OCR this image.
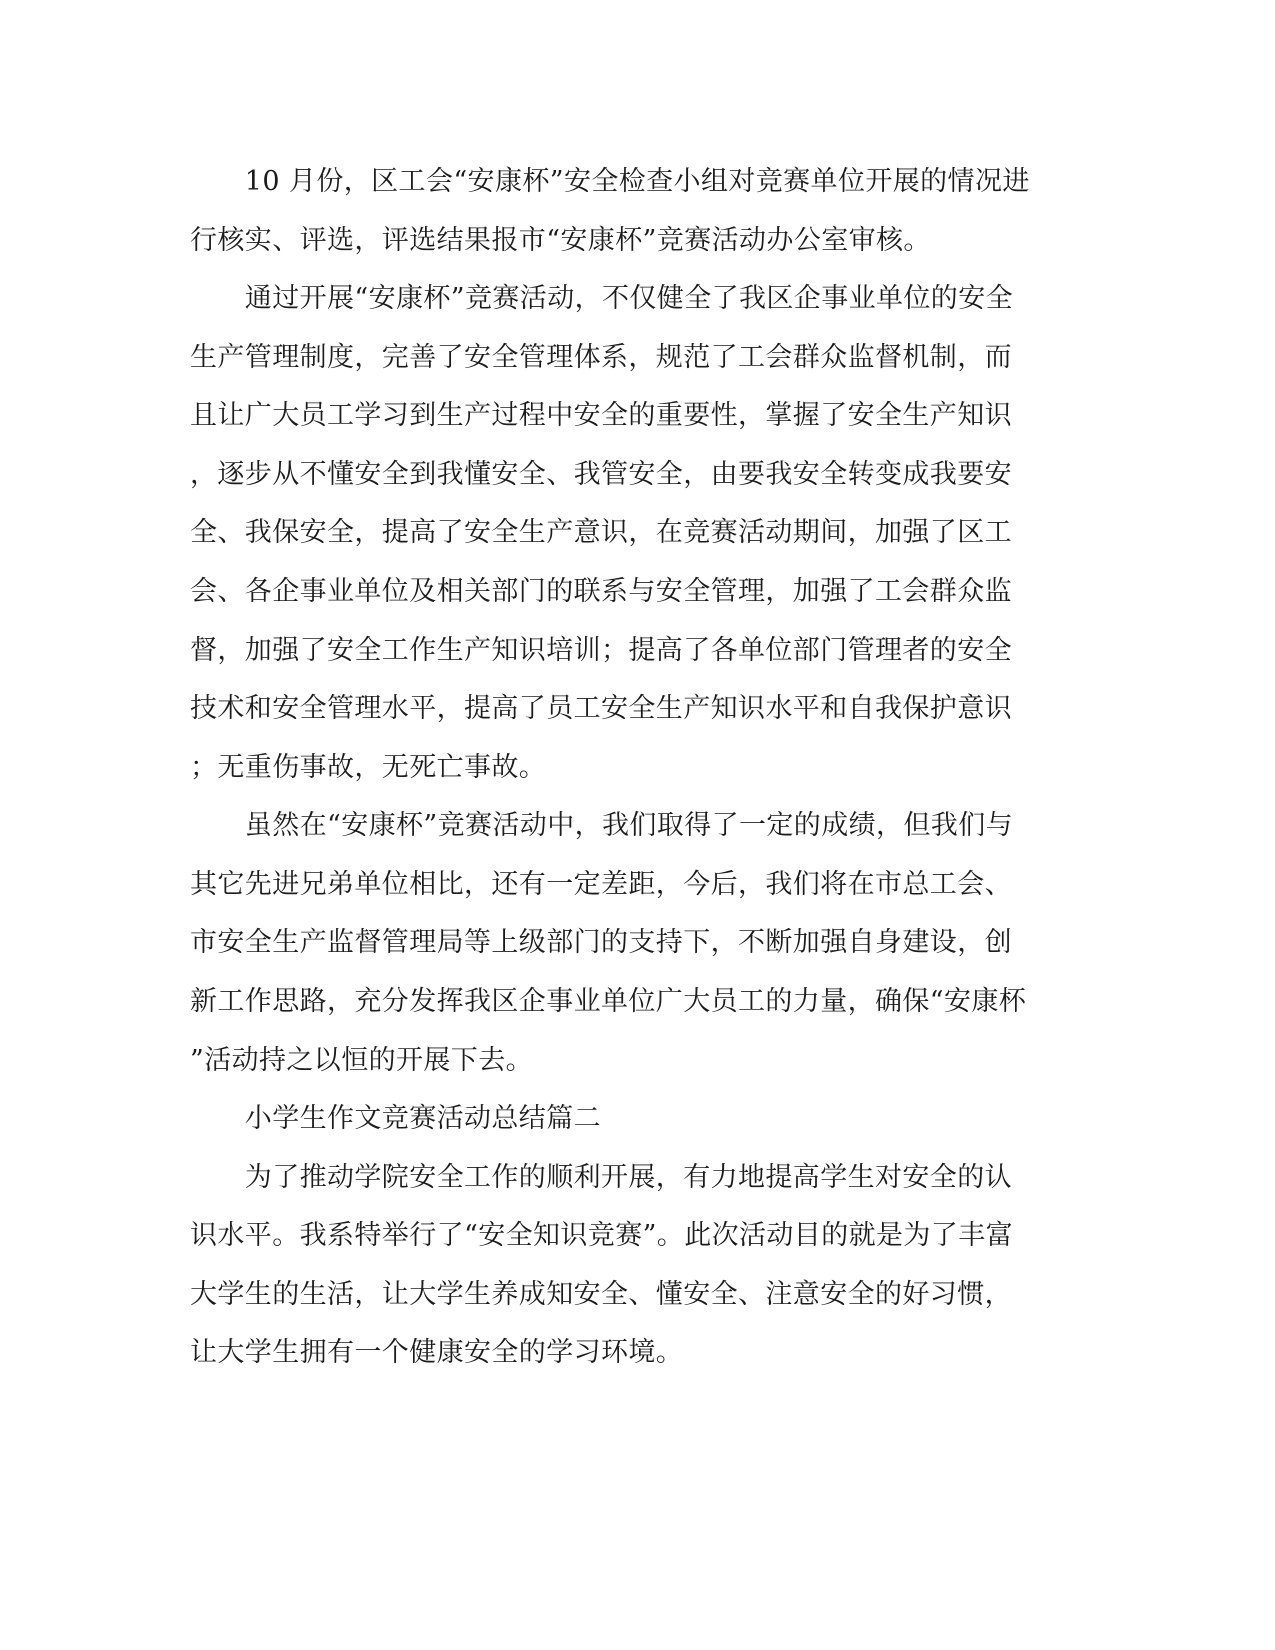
　　10 月份，区工会“安康杯”安全检查小组对竞赛单位开展的情况进
行核实、评选，评选结果报市“安康杯”竞赛活动办公室审核。
　　通过开展“安康杯”竞赛活动，不仅健全了我区企事业单位的安全
生产管理制度，完善了安全管理体系，规范了工会群众监督机制，而
且让广大员工学习到生产过程中安全的重要性，掌握了安全生产知识
，逐步从不懂安全到我懂安全、我管安全，由要我安全转变成我要安
全、我保安全，提高了安全生产意识，在竞赛活动期间，加强了区工
会、各企事业单位及相关部门的联系与安全管理，加强了工会群众监
督，加强了安全工作生产知识培训；提高了各单位部门管理者的安全
技术和安全管理水平，提高了员工安全生产知识水平和自我保护意识
；无重伤事故，无死亡事故。
　　虽然在“安康杯”竞赛活动中，我们取得了一定的成绩，但我们与
其它先进兄弟单位相比，还有一定差距，今后，我们将在市总工会、
市安全生产监督管理局等上级部门的支持下，不断加强自身建设，创
新工作思路，充分发挥我区企事业单位广大员工的力量，确保“安康杯
”活动持之以恒的开展下去。
　　小学生作文竞赛活动总结篇二
　　为了推动学院安全工作的顺利开展，有力地提高学生对安全的认
识水平。我系特举行了“安全知识竞赛”。此次活动目的就是为了丰富
大学生的生活，让大学生养成知安全、懂安全、注意安全的好习惯，
让大学生拥有一个健康安全的学习环境。
